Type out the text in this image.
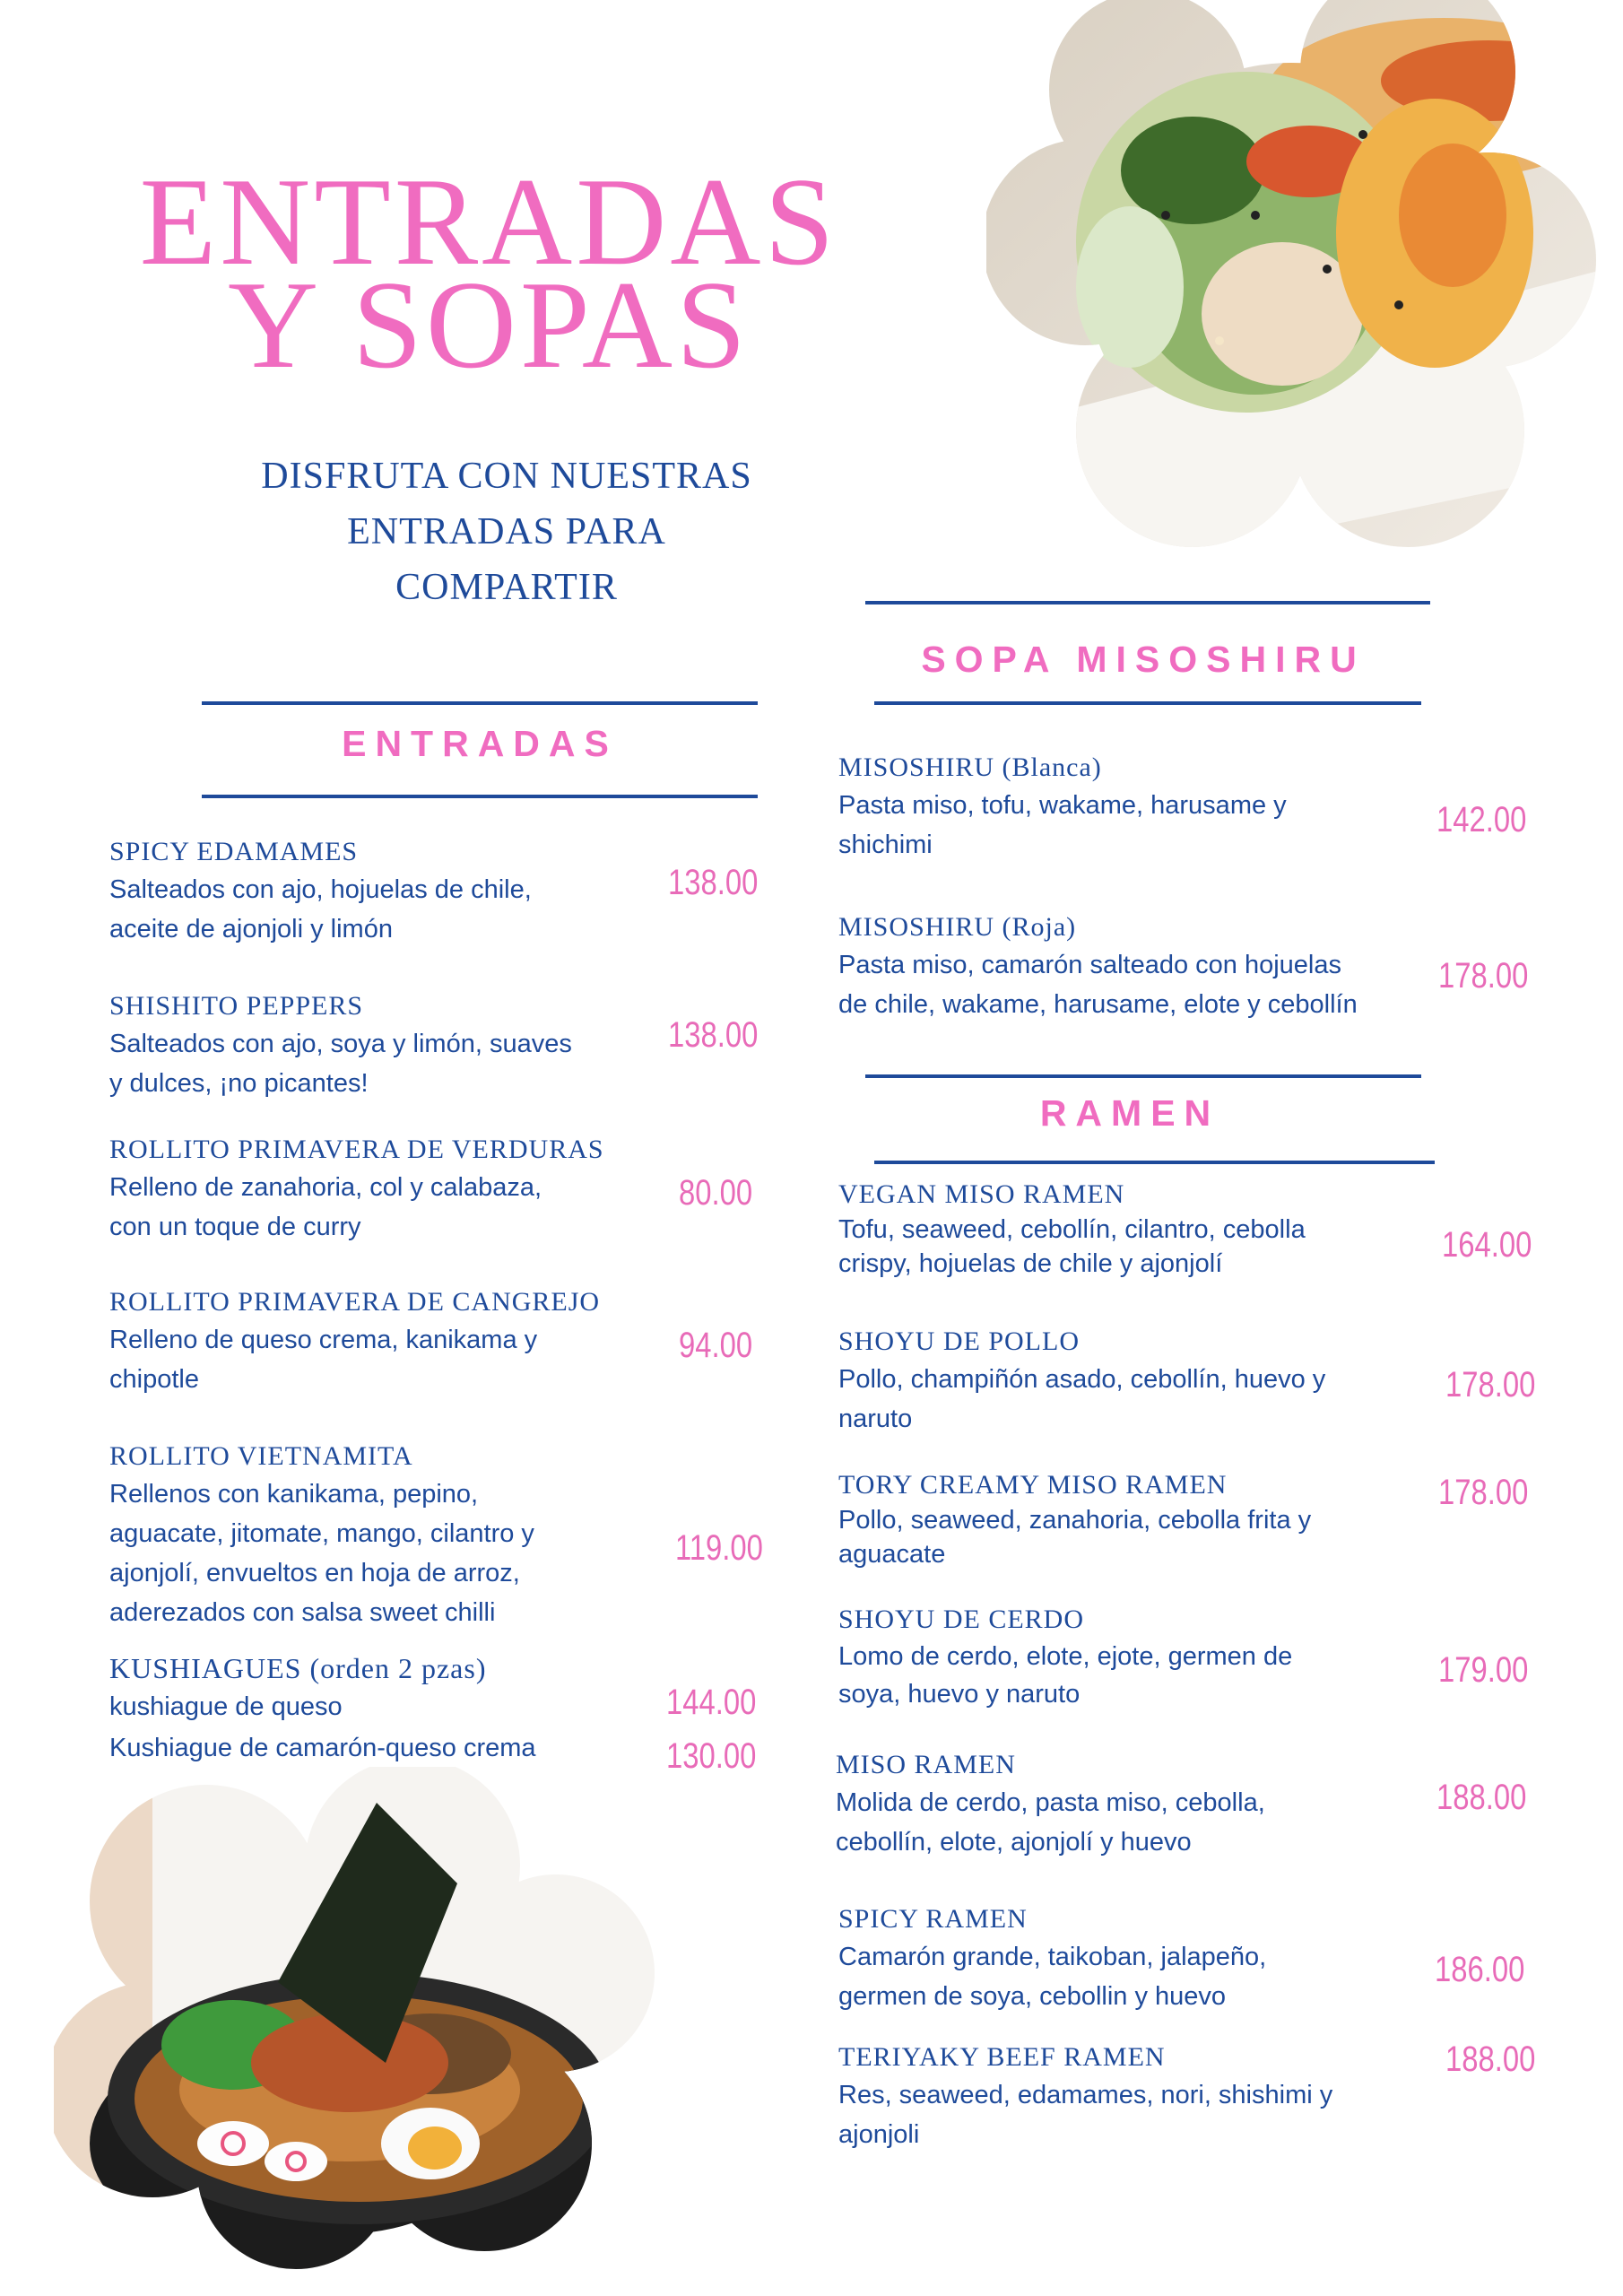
ENTRADAS
Y SOPAS
DISFRUTA CON NUESTRAS
ENTRADAS PARA
COMPARTIR
ENTRADAS
SPICY EDAMAMES
Salteados con ajo, hojuelas de chile,
aceite de ajonjoli y limón
138.00
SHISHITO PEPPERS
Salteados con ajo, soya y limón, suaves
y dulces, ¡no picantes!
138.00
ROLLITO PRIMAVERA DE VERDURAS
Relleno de zanahoria, col y calabaza,
con un toque de curry
80.00
ROLLITO PRIMAVERA DE CANGREJO
Relleno de queso crema, kanikama y
chipotle
94.00
ROLLITO VIETNAMITA
Rellenos con kanikama, pepino,
aguacate, jitomate, mango, cilantro y
ajonjolí, envueltos en hoja de arroz,
aderezados con salsa sweet chilli
119.00
KUSHIAGUES (orden 2 pzas)
kushiague de queso
Kushiague de camarón-queso crema
144.00
130.00
SOPA MISOSHIRU
MISOSHIRU (Blanca)
Pasta miso, tofu, wakame, harusame y
shichimi
142.00
MISOSHIRU (Roja)
Pasta miso, camarón salteado con hojuelas
de chile, wakame, harusame, elote y cebollín
178.00
RAMEN
VEGAN MISO RAMEN
Tofu, seaweed, cebollín, cilantro, cebolla
crispy, hojuelas de chile y ajonjolí	164.00
SHOYU DE POLLO
Pollo, champiñón asado, cebollín, huevo y
naruto
178.00
TORY CREAMY MISO RAMEN
Pollo, seaweed, zanahoria, cebolla frita y
aguacate
178.00
SHOYU DE CERDO
Lomo de cerdo, elote, ejote, germen de
soya, huevo y naruto
179.00
MISO RAMEN
Molida de cerdo, pasta miso, cebolla,
cebollín, elote, ajonjolí y huevo
188.00
SPICY RAMEN
Camarón grande, taikoban, jalapeño,
germen de soya, cebollin y huevo
186.00
TERIYAKY BEEF RAMEN
Res, seaweed, edamames, nori, shishimi y
ajonjoli
188.00
